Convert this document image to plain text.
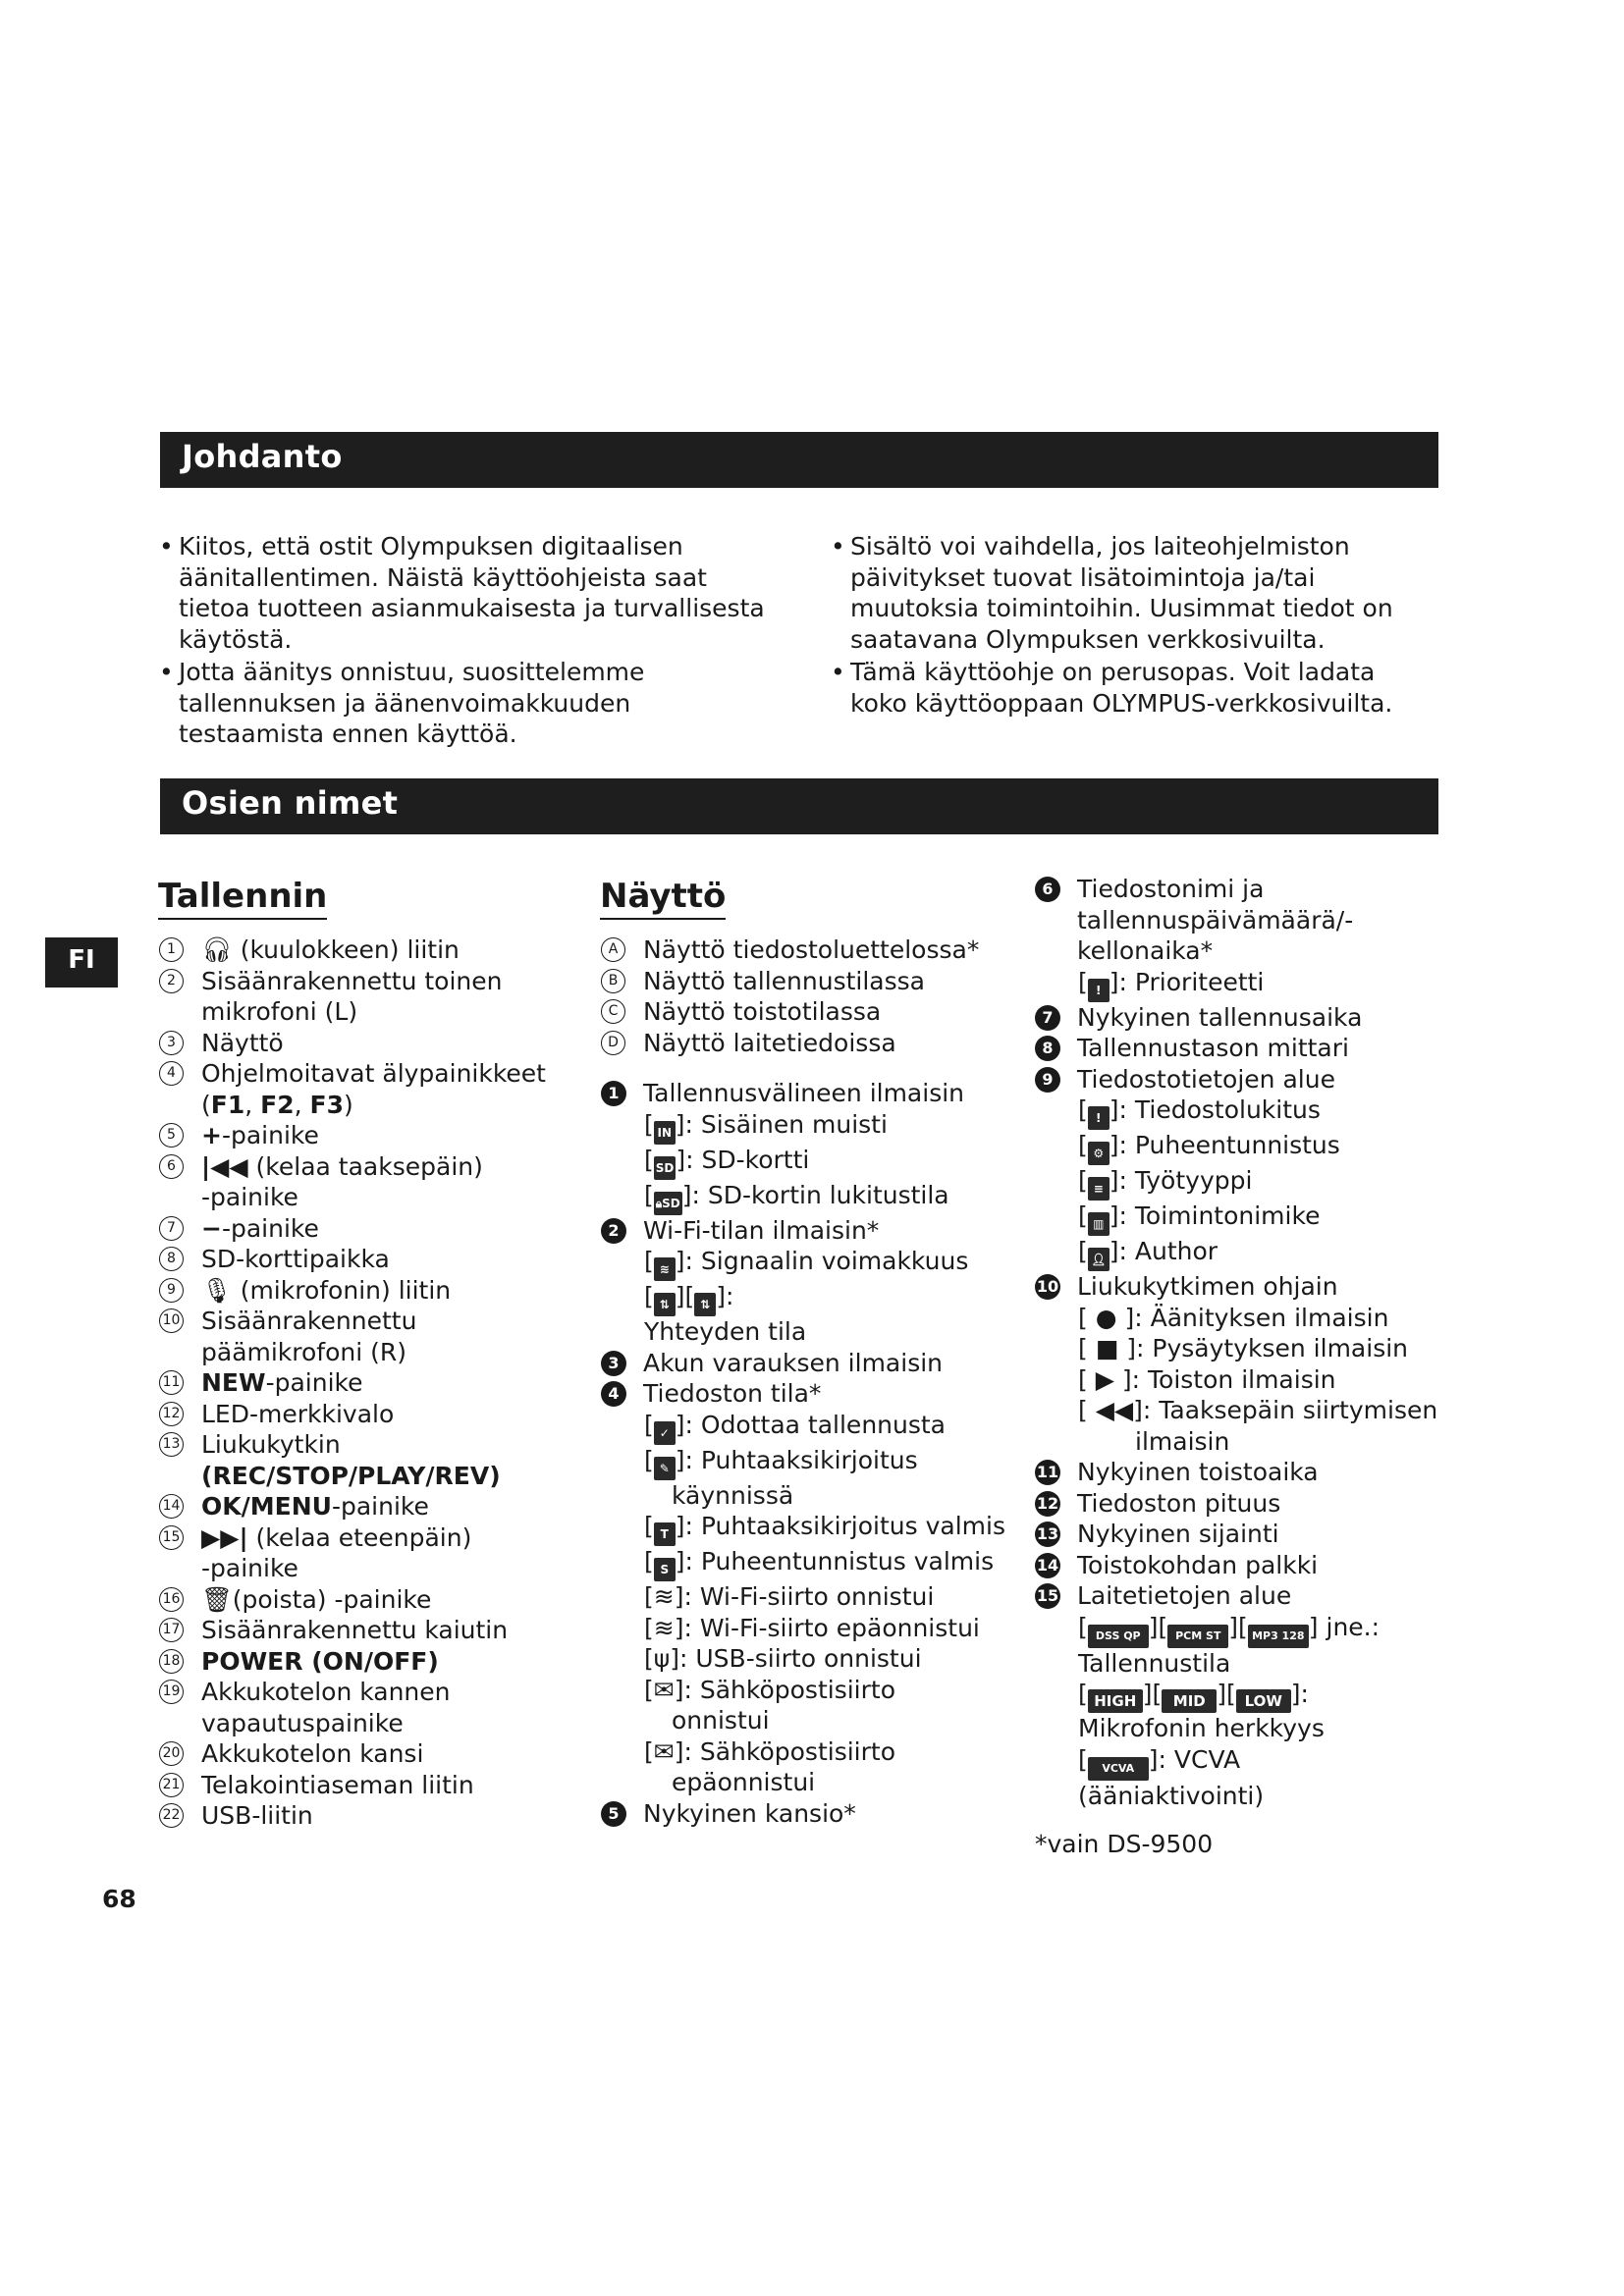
Johdanto
Osien nimet
FI
• Kiitos, että ostit Olympuksen digitaalisen äänitallentimen. Näistä käyttöohjeista saat tietoa tuotteen asianmukaisesta ja turvallisesta käytöstä.
• Jotta äänitys onnistuu, suosittelemme tallennuksen ja äänenvoimakkuuden testaamista ennen käyttöä.
• Sisältö voi vaihdella, jos laiteohjelmiston päivitykset tuovat lisätoimintoja ja/tai muutoksia toimintoihin. Uusimmat tiedot on saatavana Olympuksen verkkosivuilta.
• Tämä käyttöohje on perusopas. Voit ladata koko käyttöoppaan OLYMPUS-verkkosivuilta.
Tallennin
1	🎧︎ (kuulokkeen) liitin
2	Sisäänrakennettu toinen
mikrofoni (L)
3	Näyttö
4	Ohjelmoitavat älypainikkeet
(F1, F2, F3)
5	+-painike
6	|◀◀ (kelaa taaksepäin)
-painike
7	−-painike
8	SD-korttipaikka
9	🎙︎ (mikrofonin) liitin
10 Sisäänrakennettu
päämikrofoni (R)
11 NEW-painike
12 LED-merkkivalo
13 Liukukytkin
(REC/STOP/PLAY/REV)
14 OK/MENU-painike
15 ▶▶| (kelaa eteenpäin)
-painike
16 🗑︎(poista) -painike
17 Sisäänrakennettu kaiutin
18 POWER (ON/OFF)
19 Akkukotelon kannen
vapautuspainike
20 Akkukotelon kansi
21 Telakointiaseman liitin
22 USB-liitin
Näyttö
A	Näyttö tiedostoluettelossa*
B	Näyttö tallennustilassa
C	Näyttö toistotilassa
D Näyttö laitetiedoissa
1 Tallennusvälineen ilmaisin
[ IN ]: Sisäinen muisti
[ SD]: SD-kortti
[ 🔒︎SD]: SD-kortin lukitustila
2 Wi-Fi-tilan ilmaisin*
[ ≋ ]: Signaalin voimakkuus
[ ⇅ ][ ⇅ ]:
Yhteyden tila
3 Akun varauksen ilmaisin
4 Tiedoston tila*
[ ✓ ]: Odottaa tallennusta
[ ✎ ]: Puhtaaksikirjoitus
käynnissä
[ T ]: Puhtaaksikirjoitus valmis
[ S ]: Puheentunnistus valmis
[≋]: Wi-Fi-siirto onnistui
[≋]: Wi-Fi-siirto epäonnistui
[ψ]: USB-siirto onnistui
[✉]: Sähköpostisiirto
onnistui
[✉]: Sähköpostisiirto
epäonnistui
5 Nykyinen kansio*
6 Tiedostonimi ja
tallennuspäivämäärä/-
kellonaika*
[ ! ]: Prioriteetti
7 Nykyinen tallennusaika
8 Tallennustason mittari
9 Tiedostotietojen alue
[ ! ]: Tiedostolukitus
[ ⚙ ]: Puheentunnistus
[ ≡ ]: Työtyyppi
[ ▥ ]: Toimintonimike
[ 👤︎ ]: Author
10 Liukukytkimen ohjain
[ ● ]: Äänityksen ilmaisin
[ ■ ]: Pysäytyksen ilmaisin
[ ▶ ]: Toiston ilmaisin
[ ◀◀]: Taaksepäin siirtymisen
ilmaisin
11 Nykyinen toistoaika
12 Tiedoston pituus
13 Nykyinen sijainti
14 Toistokohdan palkki
15 Laitetietojen alue
[ DSS QP ][ PCM ST ][ MP3 128 ] jne.:
Tallennustila
[ HIGH ][ MID ][ LOW ]:
Mikrofonin herkkyys
[ VCVA ]: VCVA
(ääniaktivointi)
*vain DS-9500
68
